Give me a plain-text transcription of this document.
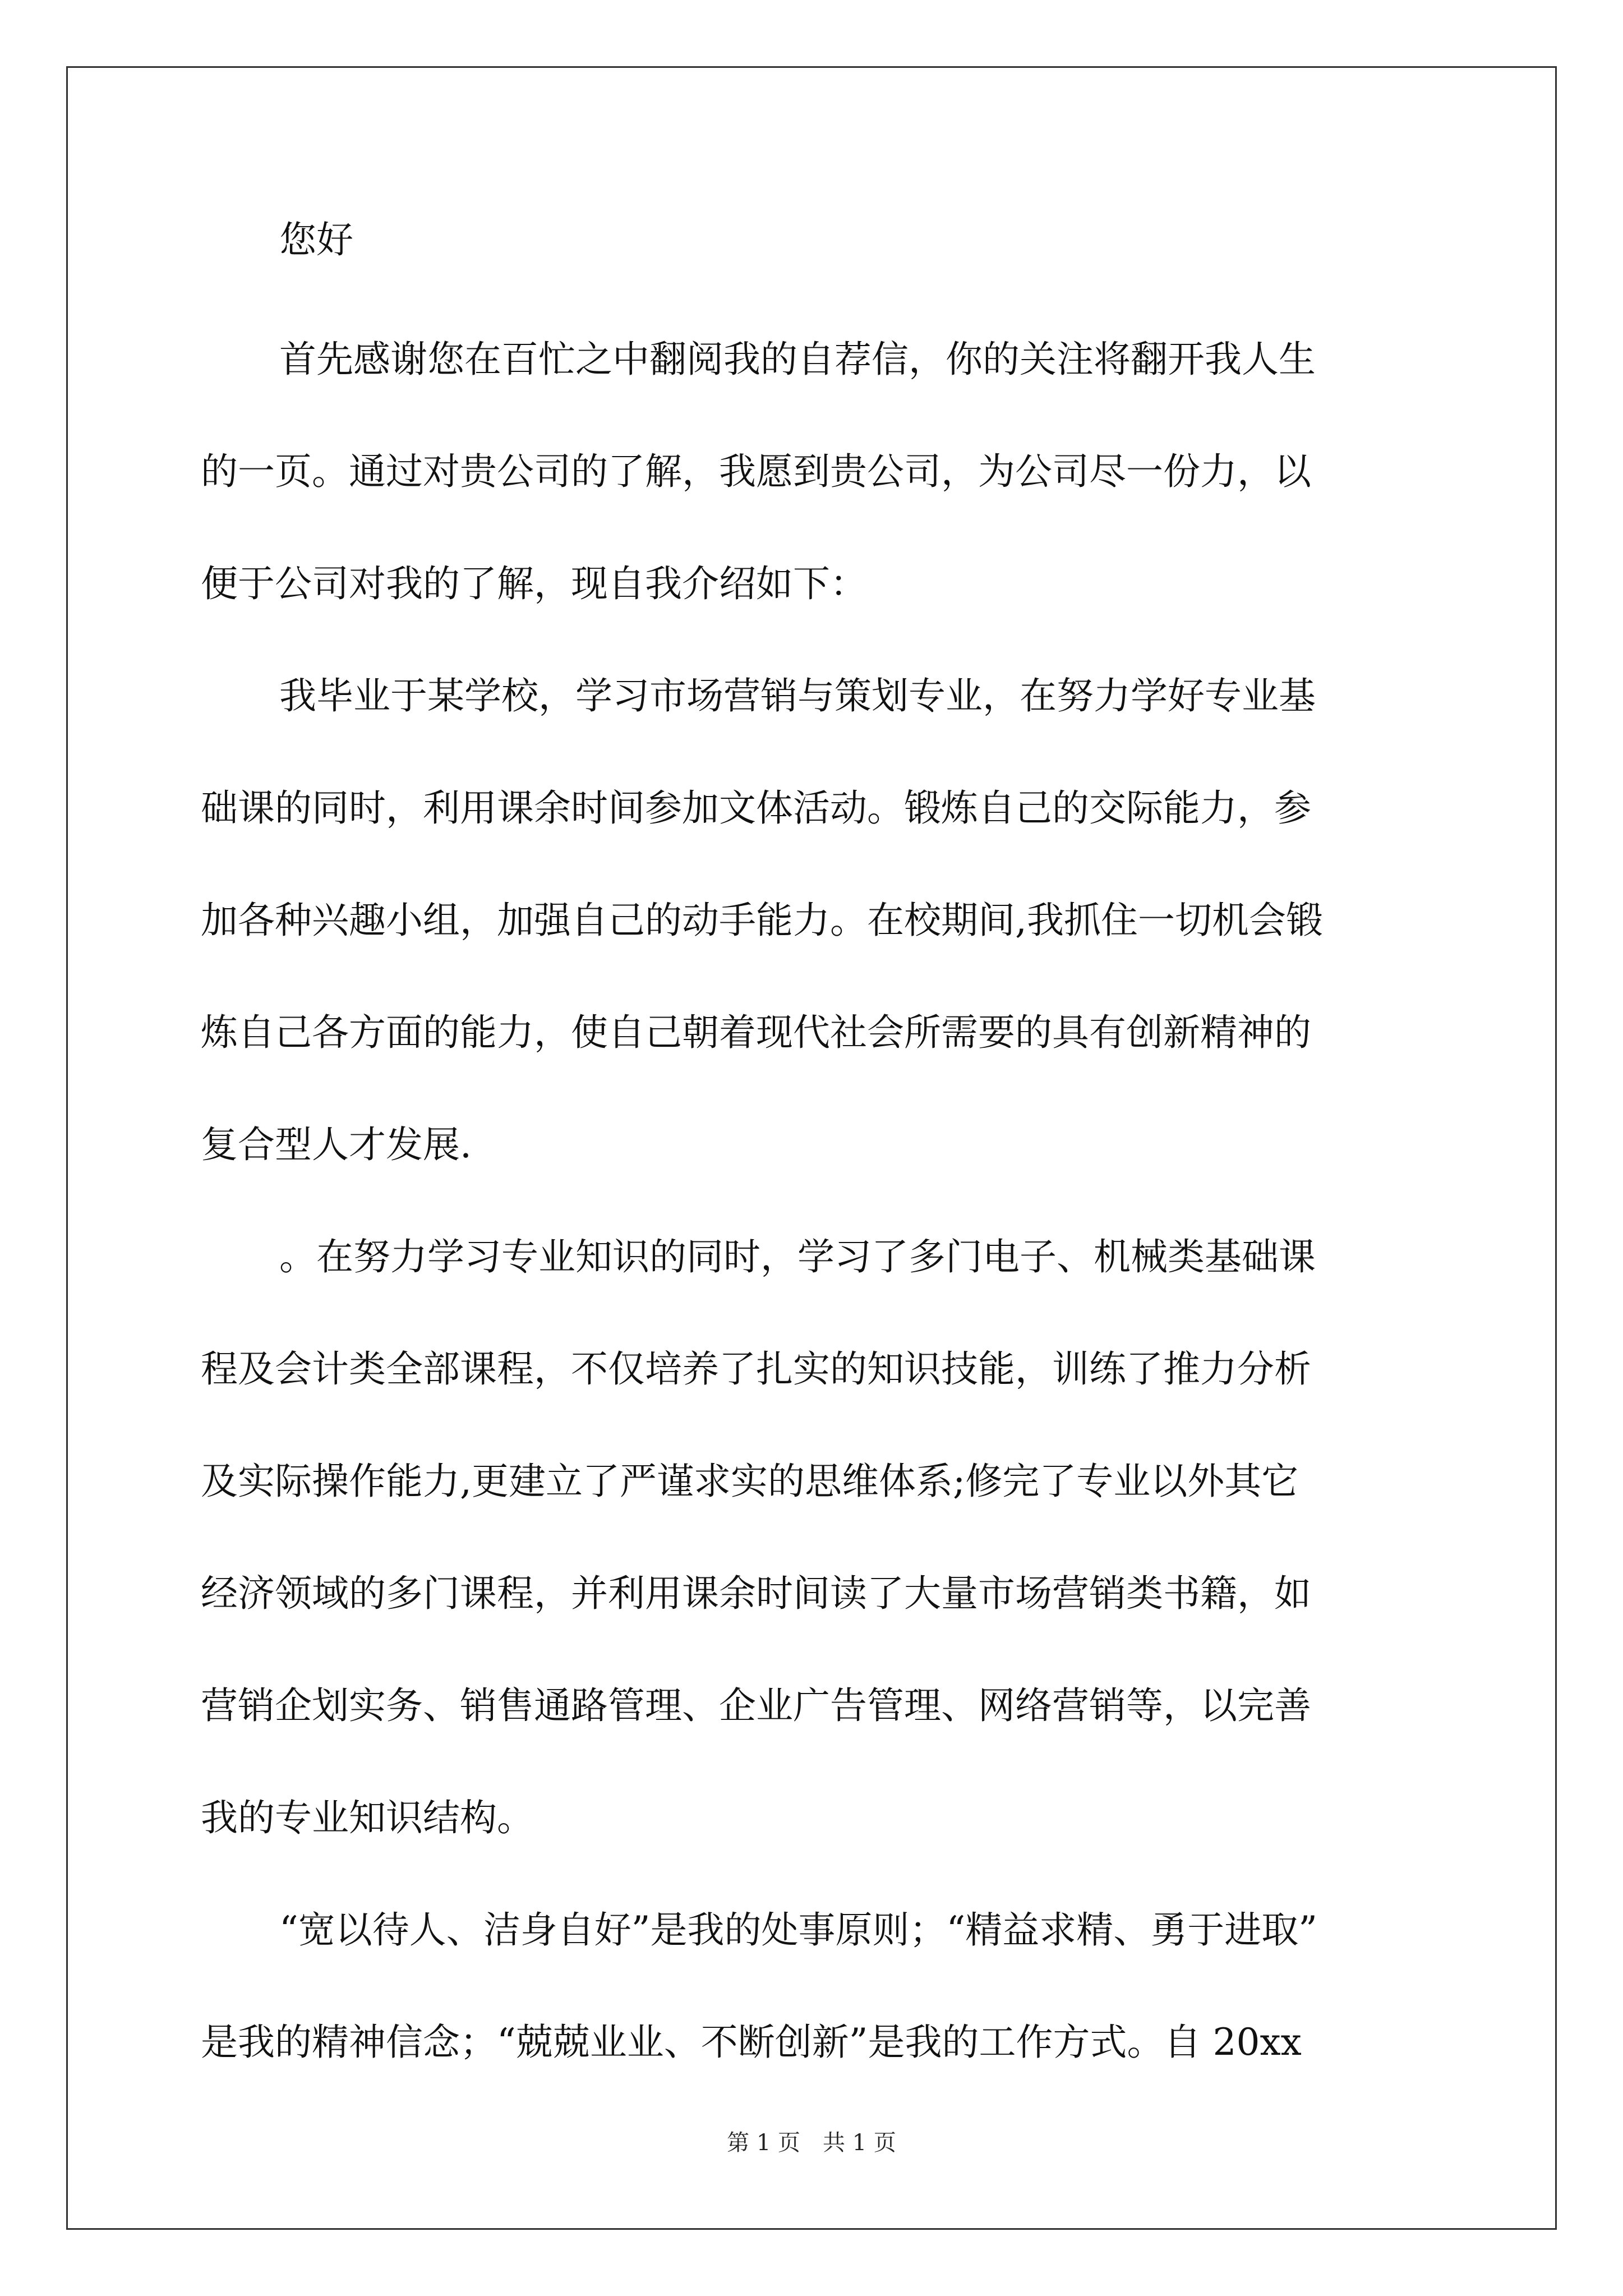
您好
首先感谢您在百忙之中翻阅我的自荐信，你的关注将翻开我人生
的一页。通过对贵公司的了解，我愿到贵公司，为公司尽一份力，以
便于公司对我的了解，现自我介绍如下：
我毕业于某学校，学习市场营销与策划专业，在努力学好专业基
础课的同时，利用课余时间参加文体活动。锻炼自己的交际能力，参
加各种兴趣小组，加强自己的动手能力。在校期间,我抓住一切机会锻
炼自己各方面的能力，使自己朝着现代社会所需要的具有创新精神的
复合型人才发展.
。在努力学习专业知识的同时，学习了多门电子、机械类基础课
程及会计类全部课程，不仅培养了扎实的知识技能，训练了推力分析
及实际操作能力,更建立了严谨求实的思维体系;修完了专业以外其它
经济领域的多门课程，并利用课余时间读了大量市场营销类书籍，如
营销企划实务、销售通路管理、企业广告管理、网络营销等，以完善
我的专业知识结构。
“宽以待人、洁身自好”是我的处事原则；“精益求精、勇于进取”
是我的精神信念；“兢兢业业、不断创新”是我的工作方式。自 20xx
第 1 页　共 1 页
